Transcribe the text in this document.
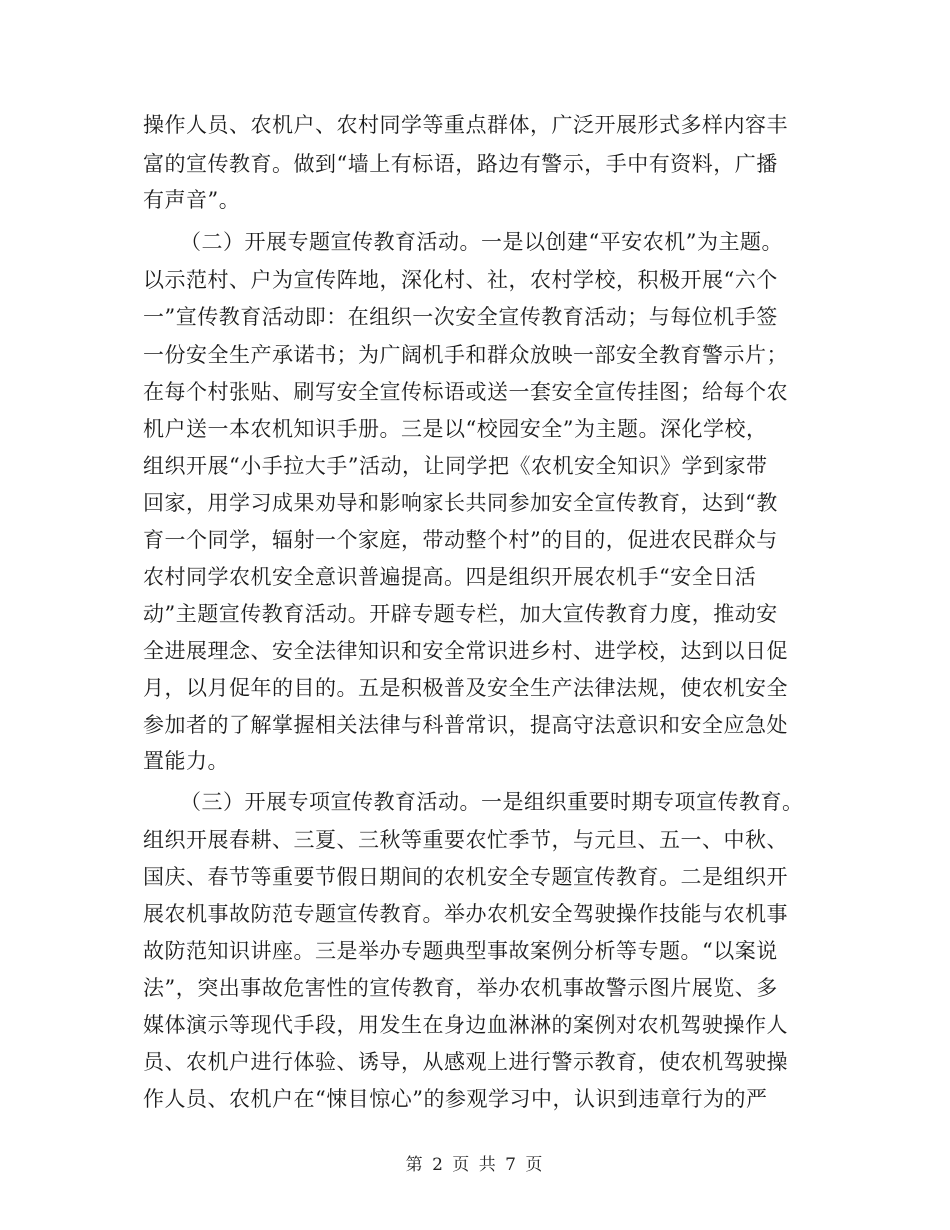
操作人员、农机户、农村同学等重点群体，广泛开展形式多样内容丰
富的宣传教育。做到“墙上有标语，路边有警示，手中有资料，广播
有声音”。
（二）开展专题宣传教育活动。一是以创建“平安农机”为主题。
以示范村、户为宣传阵地，深化村、社，农村学校，积极开展“六个
一”宣传教育活动即：在组织一次安全宣传教育活动；与每位机手签
一份安全生产承诺书；为广阔机手和群众放映一部安全教育警示片；
在每个村张贴、刷写安全宣传标语或送一套安全宣传挂图；给每个农
机户送一本农机知识手册。三是以“校园安全”为主题。深化学校，
组织开展“小手拉大手”活动，让同学把《农机安全知识》学到家带
回家，用学习成果劝导和影响家长共同参加安全宣传教育，达到“教
育一个同学，辐射一个家庭，带动整个村”的目的，促进农民群众与
农村同学农机安全意识普遍提高。四是组织开展农机手“安全日活
动”主题宣传教育活动。开辟专题专栏，加大宣传教育力度，推动安
全进展理念、安全法律知识和安全常识进乡村、进学校，达到以日促
月，以月促年的目的。五是积极普及安全生产法律法规，使农机安全
参加者的了解掌握相关法律与科普常识，提高守法意识和安全应急处
置能力。
（三）开展专项宣传教育活动。一是组织重要时期专项宣传教育。
组织开展春耕、三夏、三秋等重要农忙季节，与元旦、五一、中秋、
国庆、春节等重要节假日期间的农机安全专题宣传教育。二是组织开
展农机事故防范专题宣传教育。举办农机安全驾驶操作技能与农机事
故防范知识讲座。三是举办专题典型事故案例分析等专题。“以案说
法”，突出事故危害性的宣传教育，举办农机事故警示图片展览、多
媒体演示等现代手段，用发生在身边血淋淋的案例对农机驾驶操作人
员、农机户进行体验、诱导，从感观上进行警示教育，使农机驾驶操
作人员、农机户在“悚目惊心”的参观学习中，认识到违章行为的严
第 2 页 共 7 页
